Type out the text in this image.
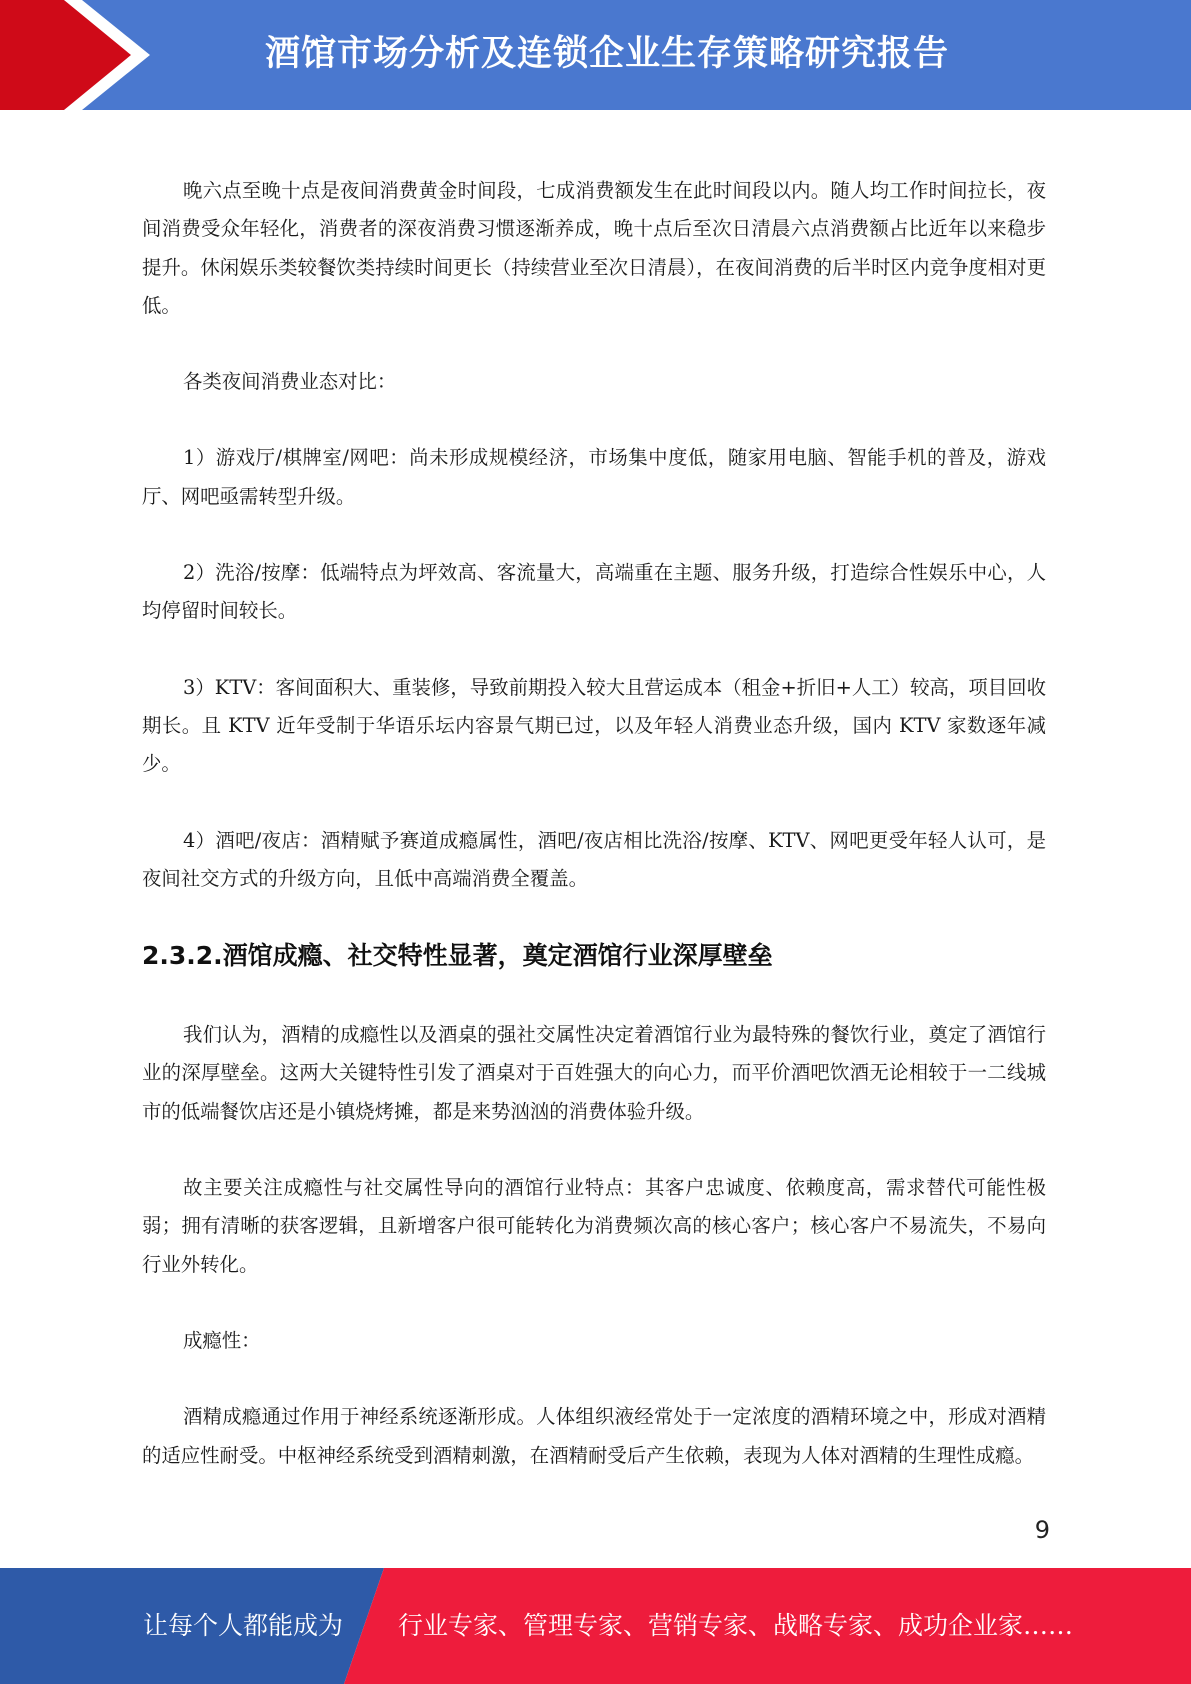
酒馆市场分析及连锁企业生存策略研究报告

晚六点至晚十点是夜间消费黄金时间段，七成消费额发生在此时间段以内。随人均工作时间拉长，夜间消费受众年轻化，消费者的深夜消费习惯逐渐养成，晚十点后至次日清晨六点消费额占比近年以来稳步提升。休闲娱乐类较餐饮类持续时间更长（持续营业至次日清晨），在夜间消费的后半时区内竞争度相对更低。

各类夜间消费业态对比：

1）游戏厅/棋牌室/网吧：尚未形成规模经济，市场集中度低，随家用电脑、智能手机的普及，游戏厅、网吧亟需转型升级。

2）洗浴/按摩：低端特点为坪效高、客流量大，高端重在主题、服务升级，打造综合性娱乐中心，人均停留时间较长。

3）KTV：客间面积大、重装修，导致前期投入较大且营运成本（租金+折旧+人工）较高，项目回收期长。且 KTV 近年受制于华语乐坛内容景气期已过，以及年轻人消费业态升级，国内 KTV 家数逐年减少。

4）酒吧/夜店：酒精赋予赛道成瘾属性，酒吧/夜店相比洗浴/按摩、KTV、网吧更受年轻人认可，是夜间社交方式的升级方向，且低中高端消费全覆盖。

2.3.2.酒馆成瘾、社交特性显著，奠定酒馆行业深厚壁垒

我们认为，酒精的成瘾性以及酒桌的强社交属性决定着酒馆行业为最特殊的餐饮行业，奠定了酒馆行业的深厚壁垒。这两大关键特性引发了酒桌对于百姓强大的向心力，而平价酒吧饮酒无论相较于一二线城市的低端餐饮店还是小镇烧烤摊，都是来势汹汹的消费体验升级。

故主要关注成瘾性与社交属性导向的酒馆行业特点：其客户忠诚度、依赖度高，需求替代可能性极弱；拥有清晰的获客逻辑，且新增客户很可能转化为消费频次高的核心客户；核心客户不易流失，不易向行业外转化。

成瘾性：

酒精成瘾通过作用于神经系统逐渐形成。人体组织液经常处于一定浓度的酒精环境之中，形成对酒精的适应性耐受。中枢神经系统受到酒精刺激，在酒精耐受后产生依赖，表现为人体对酒精的生理性成瘾。

9
让每个人都能成为 行业专家、管理专家、营销专家、战略专家、成功企业家……
